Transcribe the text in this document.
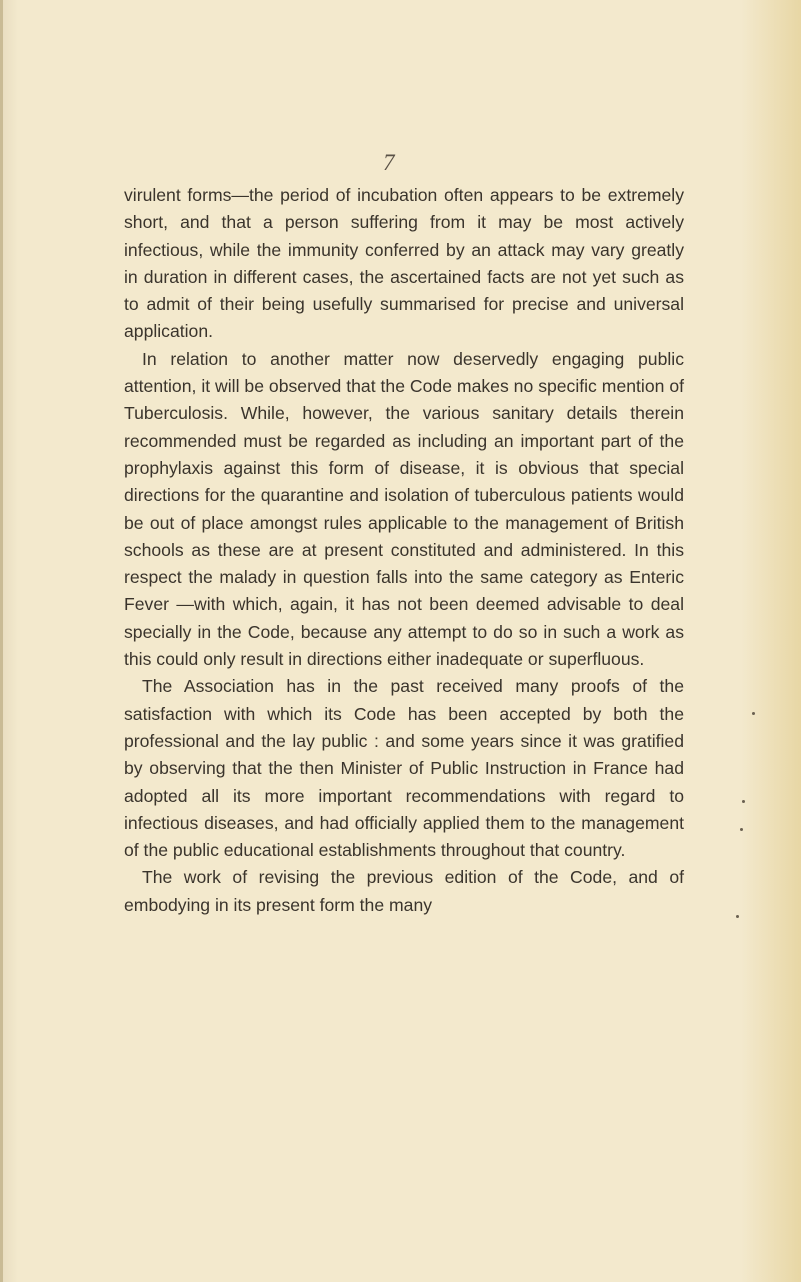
7

virulent forms—the period of incubation often appears to be extremely short, and that a person suffering from it may be most actively infectious, while the immunity conferred by an attack may vary greatly in duration in different cases, the ascertained facts are not yet such as to admit of their being usefully summarised for precise and universal application.

In relation to another matter now deservedly engaging public attention, it will be observed that the Code makes no specific mention of Tuberculosis. While, however, the various sanitary details therein recommended must be regarded as including an important part of the prophylaxis against this form of disease, it is obvious that special directions for the quarantine and isolation of tuberculous patients would be out of place amongst rules applicable to the management of British schools as these are at present constituted and administered. In this respect the malady in question falls into the same category as Enteric Fever —with which, again, it has not been deemed advisable to deal specially in the Code, because any attempt to do so in such a work as this could only result in directions either inadequate or superfluous.

The Association has in the past received many proofs of the satisfaction with which its Code has been accepted by both the professional and the lay public : and some years since it was gratified by observing that the then Minister of Public Instruction in France had adopted all its more important recommendations with regard to infectious diseases, and had officially applied them to the management of the public educational establishments throughout that country.

The work of revising the previous edition of the Code, and of embodying in its present form the many
